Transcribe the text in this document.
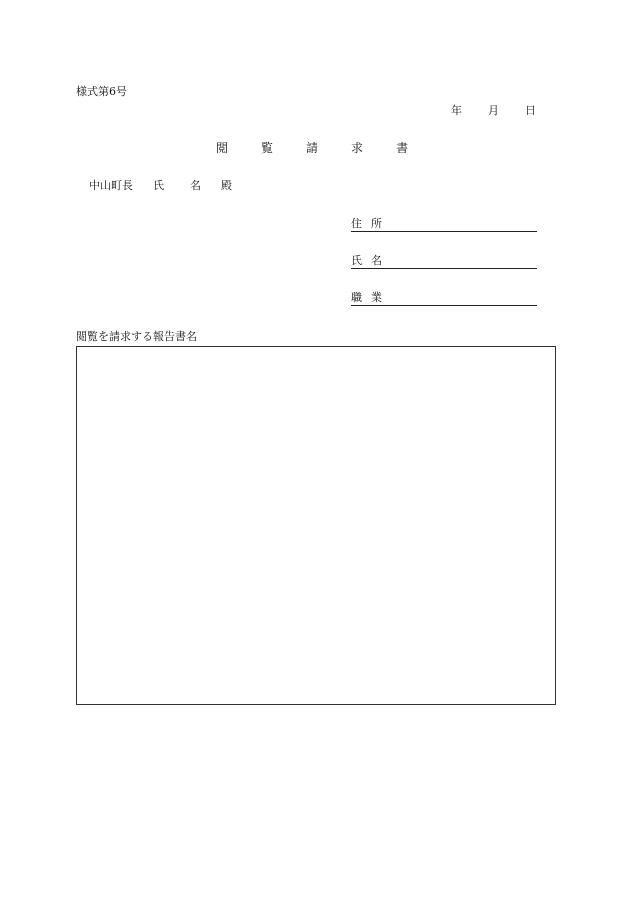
様式第6号
年 月 日
閲	覧	請	求	書
中山町長 氏 名 殿
住 所
氏 名
職 業
閲覧を請求する報告書名
